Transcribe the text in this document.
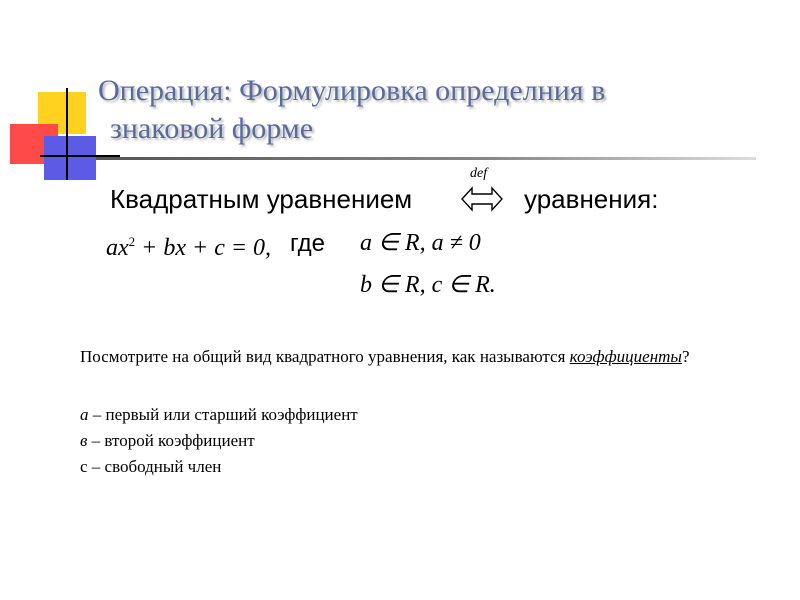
Операция: Формулировка определния в
знаковой форме
Квадратным уравнением
def
уравнения:
$ax^2$ + bx + c = 0, где a ∈ R, a ≠ 0
b ∈ R, c ∈ R.
Посмотрите на общий вид квадратного уравнения, как называются коэффициенты?
а – первый или старший коэффициент
в – второй коэффициент
с – свободный член
